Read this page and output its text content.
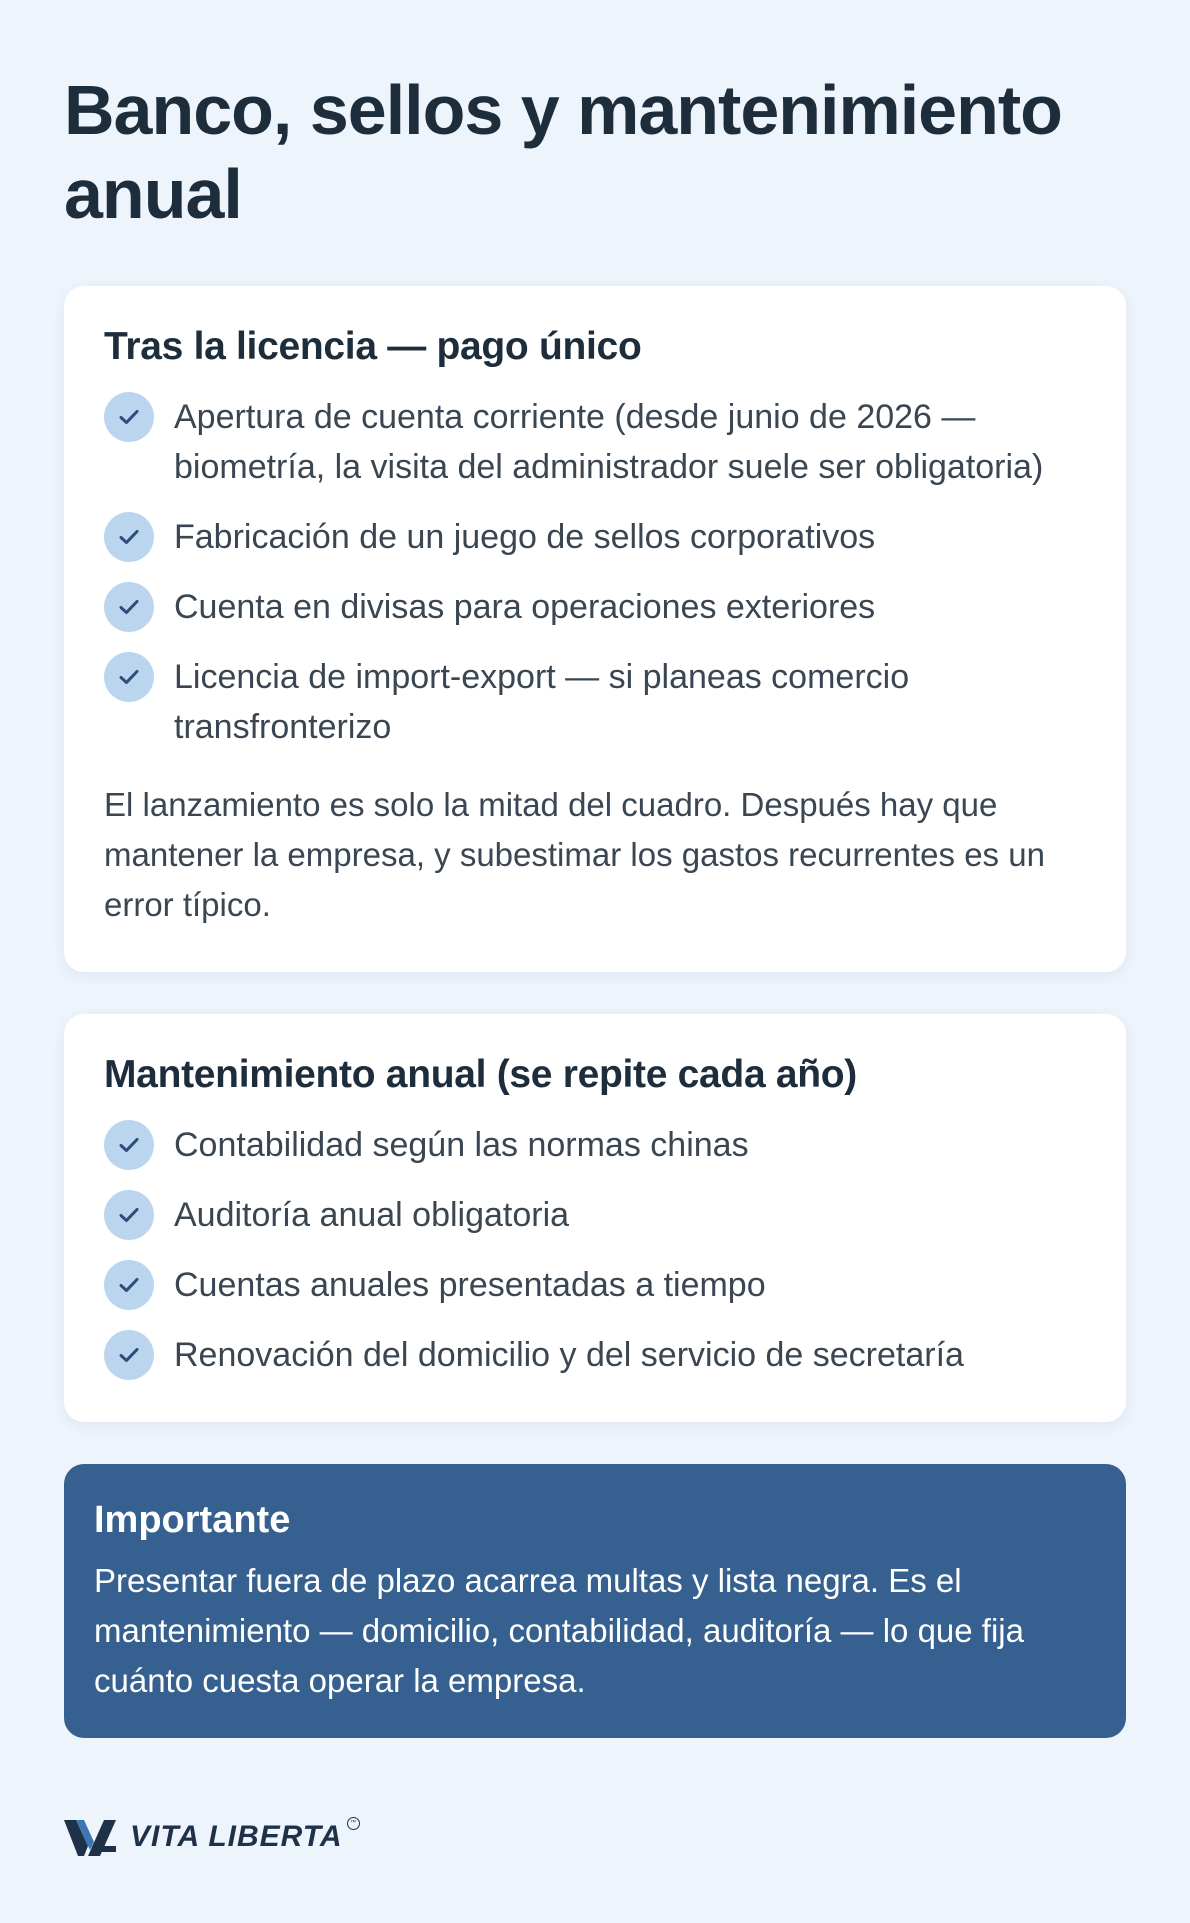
Banco, sellos y mantenimiento anual
Tras la licencia — pago único
Apertura de cuenta corriente (desde junio de 2026 — biometría, la visita del administrador suele ser obligatoria)
Fabricación de un juego de sellos corporativos
Cuenta en divisas para operaciones exteriores
Licencia de import-export — si planeas comercio transfronterizo

El lanzamiento es solo la mitad del cuadro. Después hay que mantener la empresa, y subestimar los gastos recurrentes es un error típico.

Mantenimiento anual (se repite cada año)
Contabilidad según las normas chinas
Auditoría anual obligatoria
Cuentas anuales presentadas a tiempo
Renovación del domicilio y del servicio de secretaría
Importante

Presentar fuera de plazo acarrea multas y lista negra. Es el mantenimiento — domicilio, contabilidad, auditoría — lo que fija cuánto cuesta operar la empresa.

VITA LIBERTA	™
